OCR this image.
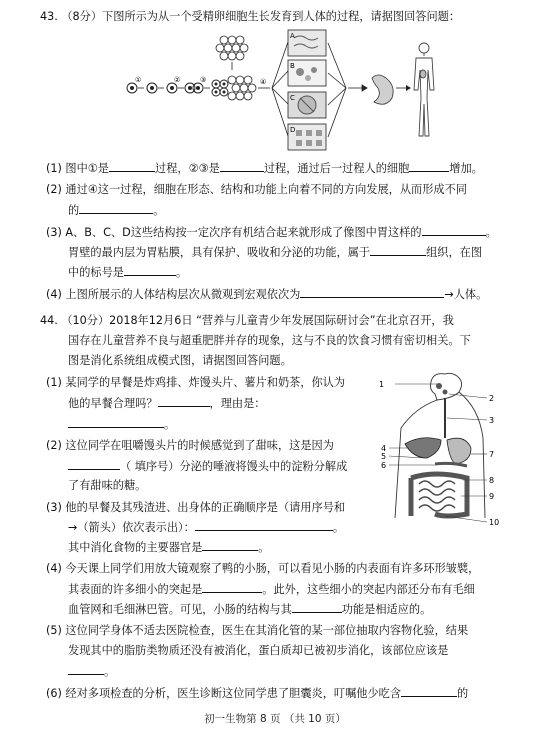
43. （8分）下图所示为从一个受精卵细胞生长发育到人体的过程，请据图回答问题：
①	②	③	④
A
B
C
D
(1) 图中①是	过程，②③是	过程，通过后一过程人的细胞	增加。
(2) 通过④这一过程，细胞在形态、结构和功能上向着不同的方向发展，从而形成不同
的	。
(3) A、B、C、D这些结构按一定次序有机结合起来就形成了像图中胃这样的	。
胃壁的最内层为胃粘膜，具有保护、吸收和分泌的功能，属于	组织，在图
中的标号是	。
(4) 上图所展示的人体结构层次从微观到宏观依次为	→人体。
44. （10分）2018年12月6日 “营养与儿童青少年发展国际研讨会”在北京召开，我
国存在儿童营养不良与超重肥胖并存的现象，这与不良的饮食习惯有密切相关。下
图是消化系统组成模式图，请据图回答问题。
(1) 某同学的早餐是炸鸡排、炸馒头片、薯片和奶茶，你认为
他的早餐合理吗？	，理由是：
。
(2) 这位同学在咀嚼馒头片的时候感觉到了甜味，这是因为
（ 填序号）分泌的唾液将馒头中的淀粉分解成
了有甜味的糖。
(3) 他的早餐及其残渣进、出身体的正确顺序是（请用序号和
→（箭头）依次表示出）：	。
其中消化食物的主要器官是	。
(4) 今天课上同学们用放大镜观察了鸭的小肠，可以看见小肠的内表面有许多环形皱襞，
其表面的许多细小的突起是	。此外，这些细小的突起内部还分布有毛细
血管网和毛细淋巴管。可见，小肠的结构与其	功能是相适应的。
(5) 这位同学身体不适去医院检查，医生在其消化管的某一部位抽取内容物化验，结果
发现其中的脂肪类物质还没有被消化，蛋白质却已被初步消化，该部位应该是
。
(6) 经对多项检查的分析，医生诊断这位同学患了胆囊炎，叮嘱他少吃含	的
1
2
3
4
5
6
7
8
9
10
初一生物第 8 页 （共 10 页）
